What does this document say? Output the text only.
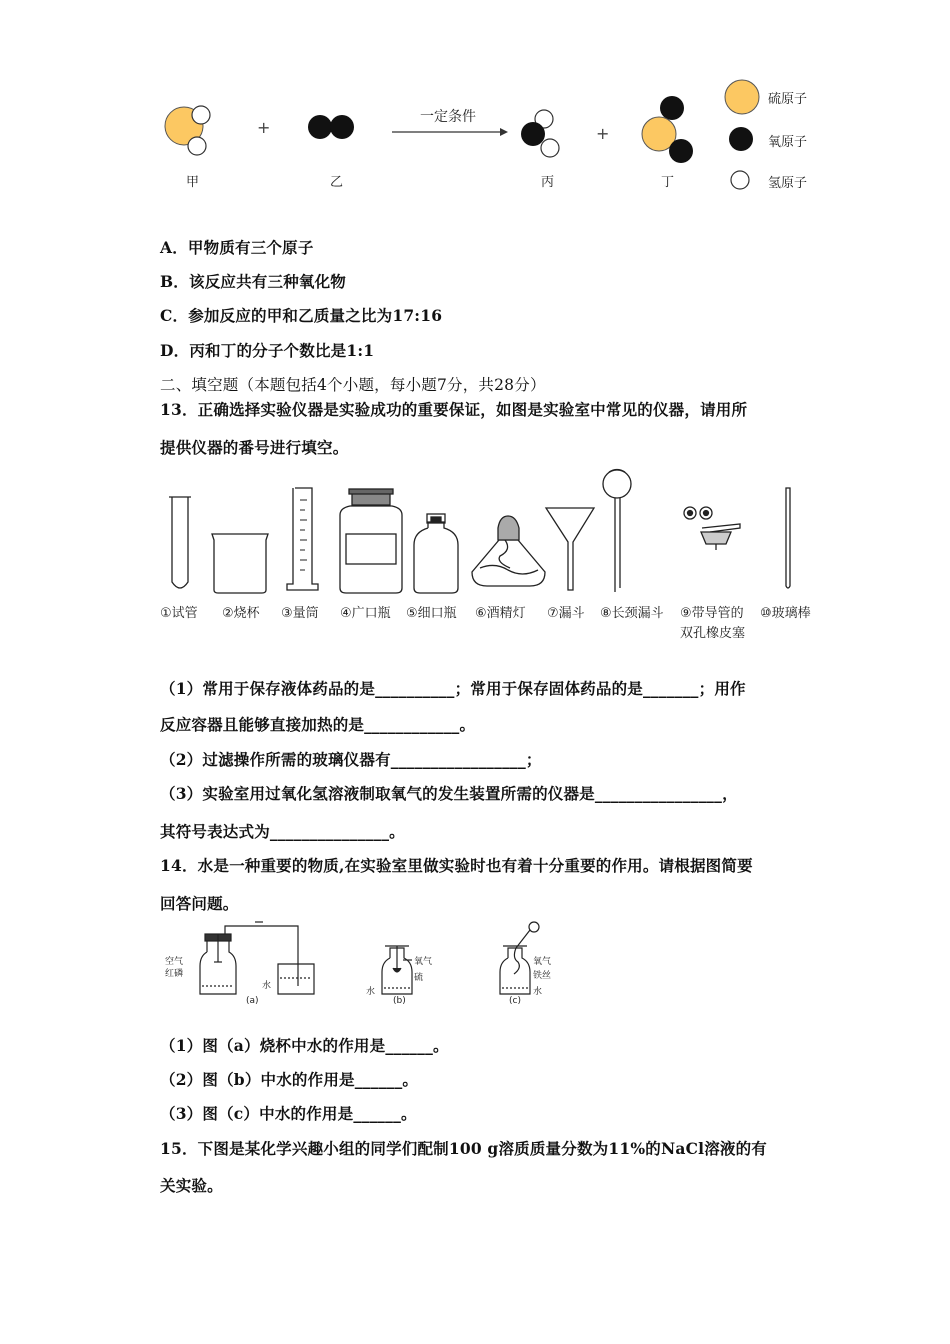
+	+
一定条件
甲	乙	丙	丁
硫原子
氧原子
氢原子
A．甲物质有三个原子
B．该反应共有三种氧化物
C．参加反应的甲和乙质量之比为17:16
D．丙和丁的分子个数比是1:1
二、填空题（本题包括4个小题，每小题7分，共28分）
13．正确选择实验仪器是实验成功的重要保证，如图是实验室中常见的仪器，请用所
提供仪器的番号进行填空。
①试管 ②烧杯 ③量筒 ④广口瓶 ⑤细口瓶 ⑥酒精灯 ⑦漏斗 ⑧长颈漏斗 ⑨带导管的
双孔橡皮塞
⑩玻璃棒
（1）常用于保存液体药品的是__________；常用于保存固体药品的是_______；用作
反应容器且能够直接加热的是____________。
（2）过滤操作所需的玻璃仪器有_________________；
（3）实验室用过氧化氢溶液制取氧气的发生装置所需的仪器是________________，
其符号表达式为_______________。
14．水是一种重要的物质,在实验室里做实验时也有着十分重要的作用。请根据图简要
回答问题。
空气
红磷
水
(a)
氧气
硫
水
(b)
氧气
铁丝
水
(c)
（1）图（a）烧杯中水的作用是______。
（2）图（b）中水的作用是______。
（3）图（c）中水的作用是______。
15．下图是某化学兴趣小组的同学们配制100 g溶质质量分数为11%的NaCl溶液的有
关实验。
